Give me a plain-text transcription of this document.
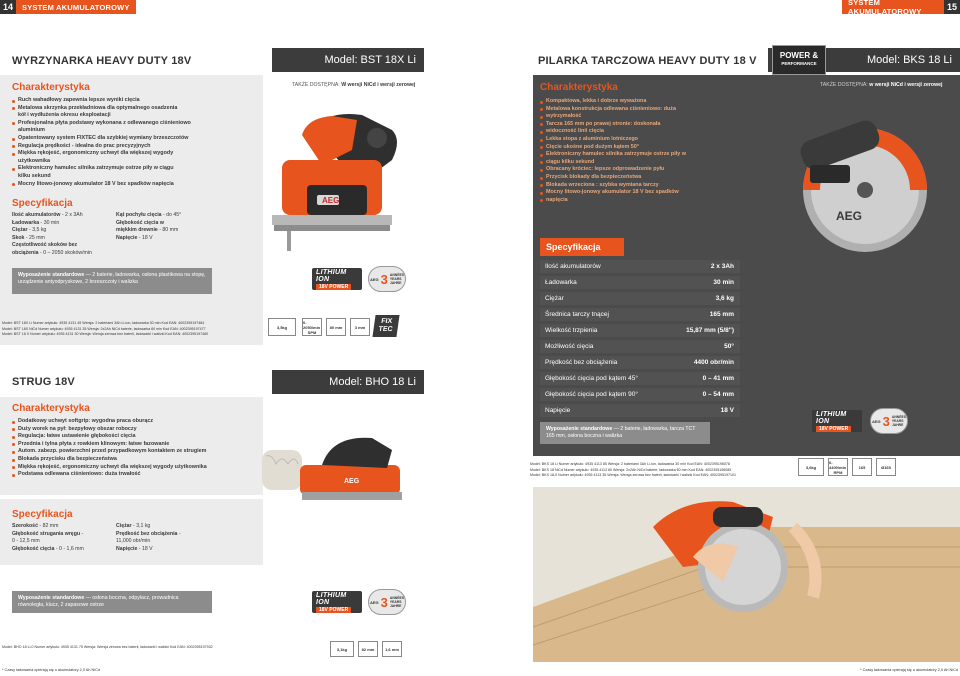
14	SYSTEM AKUMULATOROWY	SYSTEM AKUMULATOROWY	15
WYRZYNARKA HEAVY DUTY 18V	Model: BST 18X Li
Charakterystyka
Ruch wahadłowy zapewnia lepsze wyniki cięcia
Metalowa skrzynka przekładniowa dla optymalnego osadzenia
kół i wydłużenia okresu eksploatacji
Profesjonalna płyta podstawy wykonana z odlewanego ciśnieniowo
aluminium
Opatentowany system FIXTEC dla szybkiej wymiany brzeszczotów
Regulacja prędkości - idealna do prac precyzyjnych
Miękka rękojeść, ergonomiczny uchwyt dla większej wygody
użytkownika
Elektroniczny hamulec silnika zatrzymuje ostrze piły w ciągu
kilku sekund
Mocny litowo-jonowy akumulator 18 V bez spadków napięcia
Specyfikacja
Ilość akumulatorów - 2 x 3Ah
Ładowarka - 30 min
Ciężar - 3,5 kg
Skok - 25 mm
Częstotliwość skoków bez
obciążenia - 0 – 2050 skoków/min
Kąt pochyłu cięcia - do 45°
Głębokość cięcia w
miękkim drewnie - 80 mm
Napięcie - 18 V
Wyposażenie standardowe — 2 baterie, ładowarka, osłona plastikowa na stopę, urządzenie antyodpryskowe, 2 brzeszczoty i walizka
LITHIUM ION
18V POWER
AEG 3 ANNÉES
YEARS
JAHRE
TAKŻE DOSTĘPNA: W wersji NiCd i wersji zerowej
AEG
Model: BST 18X Li Numer artykułu: 4935 4131 45 Wersja: 2 bateriami 3Ah Li-ion, ładowarka 30 min Kod EAN: 4002395197484
Model: BST 18X NiCd Numer artykułu: 4935 4131 35 Wersja: 2x2Ah NiCd baterie, ładowarka 60 min Kod EAN: 4002395197477
Model: BST 18 X Numer artykułu: 4935 4131 30 Wersja: Wersja zerowa bez baterii, ładowarki i walizki Kod EAN: 4002395197460
3,5kg
0-2050/min
SPM
80 mm	3 mm
FIX
TEC
STRUG 18V	Model: BHO 18 Li
Charakterystyka
Dodatkowy uchwyt softgrip: wygodna praca oburącz
Duży worek na pył: bezpyłowy obszar roboczy
Regulacja: łatwe ustawienie głębokości cięcia
Przednia i tylna płyta z rowkiem klinowym: łatwe fazowanie
Autom. zabezp. powierzchni przed przypadkowym kontaktem ze strugiem
Blokada przycisku dla bezpieczeństwa
Miękka rękojeść, ergonomiczny uchwyt dla większej wygody użytkownika
Podstawa odlewana ciśnieniowo: duża trwałość
Specyfikacja
Szerokość - 82 mm
Głębokość strugania wręgu -
0 - 12,5 mm
Głębokość cięcia - 0 - 1,6 mm
Ciężar - 3,1 kg
Prędkość bez obciążenia -
11,000 obr/min
Napięcie - 18 V
Wyposażenie standardowe — osłona boczna, odpylacz, prowadnica równoległa, klucz, 2 zapasowe ostrze
LITHIUM ION
18V POWER
AEG 3 ANNÉES
YEARS
JAHRE
AEG
Model: BHO 18 Li-0 Numer artykułu: 4935 4131 75 Wersja: Wersja zerowa bez baterii, ładowarki i walizki Kod EAN: 4002395197932	3,1kg	82 mm	1,6 mm
* Czasy ładowania opierają się o akumulatory 2,0 Ah NiCd
PILARKA TARCZOWA HEAVY DUTY 18 V	Model: BKS 18 Li
POWER &
PERFORMANCE
Charakterystyka
Kompaktowa, lekka i dobrze wyważona
Metalowa konstrukcja odlewana ciśnieniowo: duża
wytrzymałość
Tarcza 165 mm po prawej stronie: doskonała
widoczność linii cięcia
Lekka stopa z aluminium lotniczego
Cięcie ukośne pod dużym kątem 50°
Elektroniczny hamulec silnika zatrzymuje ostrze piły w
ciągu kilku sekund
Obracany króciec: lepsze odprowadzenie pyłu
Przycisk blokady dla bezpieczeństwa
Blokada wrzeciona : szybka wymiana tarczy
Mocny litowo-jonowy akumulator 18 V bez spadków
napięcia
TAKŻE DOSTĘPNA: w wersji NiCd i wersji zerowej
AEG
Specyfikacja
Ilość akumulatorów	2 x 3Ah
Ładowarka	30 min
Ciężar	3,6 kg
Średnica tarczy tnącej	165 mm
Wielkość trzpienia	15,87 mm (5/8")
Możliwość cięcia	50°
Prędkość bez obciążenia	4400 obr/min
Głębokość cięcia pod kątem 45°	0 – 41 mm
Głębokość cięcia pod kątem 90°	0 – 54 mm
Napięcie	18 V
Wyposażenie standardowe — 2 baterie, ładowarka, tarcza TCT 165 mm, osłona boczna i walizka
LITHIUM ION
18V POWER
AEG 3 ANNÉES
YEARS
JAHRE
Model: BKS 18 Li Numer artykułu: 4935 4113 85 Wersja: 2 bateriami 3Ah Li-ion, ładowarka 30 min Kod EAN: 4002395196078
Model: BKS 18 NiCd Numer artykułu: 4935 4113 80 Wersja: 2x2Ah NiCd baterie, ładowarka 60 min Kod EAN: 4002395196085
Model: BKS 18-0 Numer artykułu: 4935 4113 35 Wersja: Wersja zerowa bez baterii, ładowarki i walizki Kod EAN: 4002395197101
3,6kg
0-4400/min
RPM
165	Ø165
* Czasy ładowania opierają się o akumulatory 2,0 Ah NiCd
